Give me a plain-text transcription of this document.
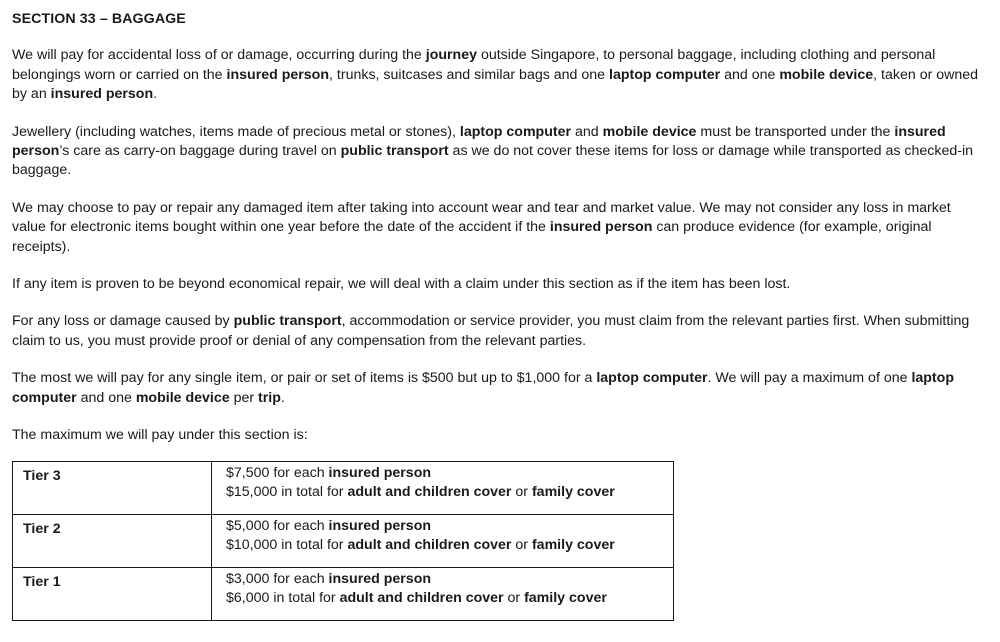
SECTION 33 – BAGGAGE

We will pay for accidental loss of or damage, occurring during the journey outside Singapore, to personal baggage, including clothing and personal belongings worn or carried on the insured person, trunks, suitcases and similar bags and one laptop computer and one mobile device, taken or owned by an insured person.

Jewellery (including watches, items made of precious metal or stones), laptop computer and mobile device must be transported under the insured person’s care as carry-on baggage during travel on public transport as we do not cover these items for loss or damage while transported as checked-in baggage.

We may choose to pay or repair any damaged item after taking into account wear and tear and market value. We may not consider any loss in market value for electronic items bought within one year before the date of the accident if the insured person can produce evidence (for example, original receipts).

If any item is proven to be beyond economical repair, we will deal with a claim under this section as if the item has been lost.

For any loss or damage caused by public transport, accommodation or service provider, you must claim from the relevant parties first. When submitting claim to us, you must provide proof or denial of any compensation from the relevant parties.

The most we will pay for any single item, or pair or set of items is $500 but up to $1,000 for a laptop computer. We will pay a maximum of one laptop computer and one mobile device per trip.

The maximum we will pay under this section is:

Tier 3	$7,500 for each insured person
$15,000 in total for adult and children cover or family cover

Tier 2	$5,000 for each insured person
$10,000 in total for adult and children cover or family cover

Tier 1	$3,000 for each insured person
$6,000 in total for adult and children cover or family cover
